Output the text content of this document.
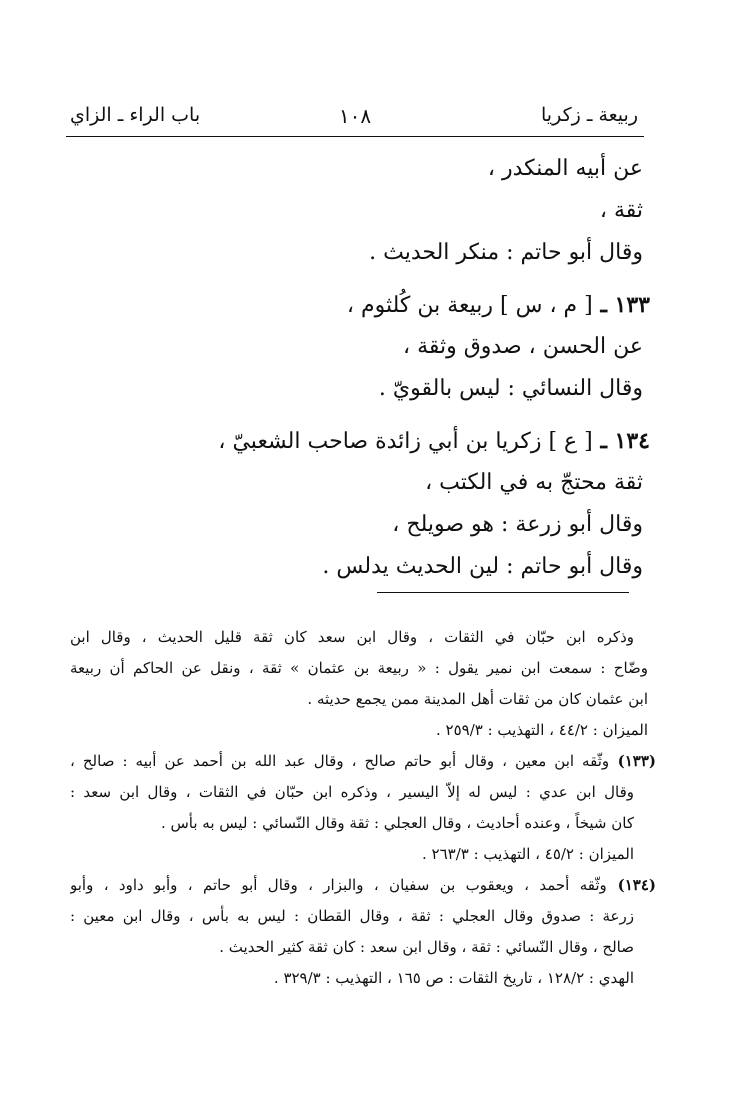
ربيعة ـ زكريا
١٠٨
باب الراء ـ الزاي
عن أبيه المنكدر ،
ثقة ،
وقال أبو حاتم : منكر الحديث .
١٣٣ ـ [ م ، س ] ربيعة بن كُلثوم ،
عن الحسن ، صدوق وثقة ،
وقال النسائي : ليس بالقويّ .
١٣٤ ـ [ ع ] زكريا بن أبي زائدة صاحب الشعبيّ ،
ثقة محتجّ به في الكتب ،
وقال أبو زرعة : هو صويلح ،
وقال أبو حاتم : لين الحديث يدلس .
وذكره ابن حبّان في الثقات ، وقال ابن سعد كان ثقة قليل الحديث ، وقال ابن
وضّاح : سمعت ابن نمير يقول : « ربيعة بن عثمان » ثقة ، ونقل عن الحاكم أن ربيعة
ابن عثمان كان من ثقات أهل المدينة ممن يجمع حديثه .
الميزان : ٤٤/٢ ، التهذيب : ٢٥٩/٣ .
(١٣٣) وثّقه ابن معين ، وقال أبو حاتم صالح ، وقال عبد الله بن أحمد عن أبيه : صالح ،
وقال ابن عدي : ليس له إلاّ اليسير ، وذكره ابن حبّان في الثقات ، وقال ابن سعد :
كان شيخاً ، وعنده أحاديث ، وقال العجلي : ثقة وقال النّسائي : ليس به بأس .
الميزان : ٤٥/٢ ، التهذيب : ٢٦٣/٣ .
(١٣٤) وثّقه أحمد ، ويعقوب بن سفيان ، والبزار ، وقال أبو حاتم ، وأبو داود ، وأبو
زرعة : صدوق وقال العجلي : ثقة ، وقال القطان : ليس به بأس ، وقال ابن معين :
صالح ، وقال النّسائي : ثقة ، وقال ابن سعد : كان ثقة كثير الحديث .
الهدي : ١٢٨/٢ ، تاريخ الثقات : ص ١٦٥ ، التهذيب : ٣٢٩/٣ .
